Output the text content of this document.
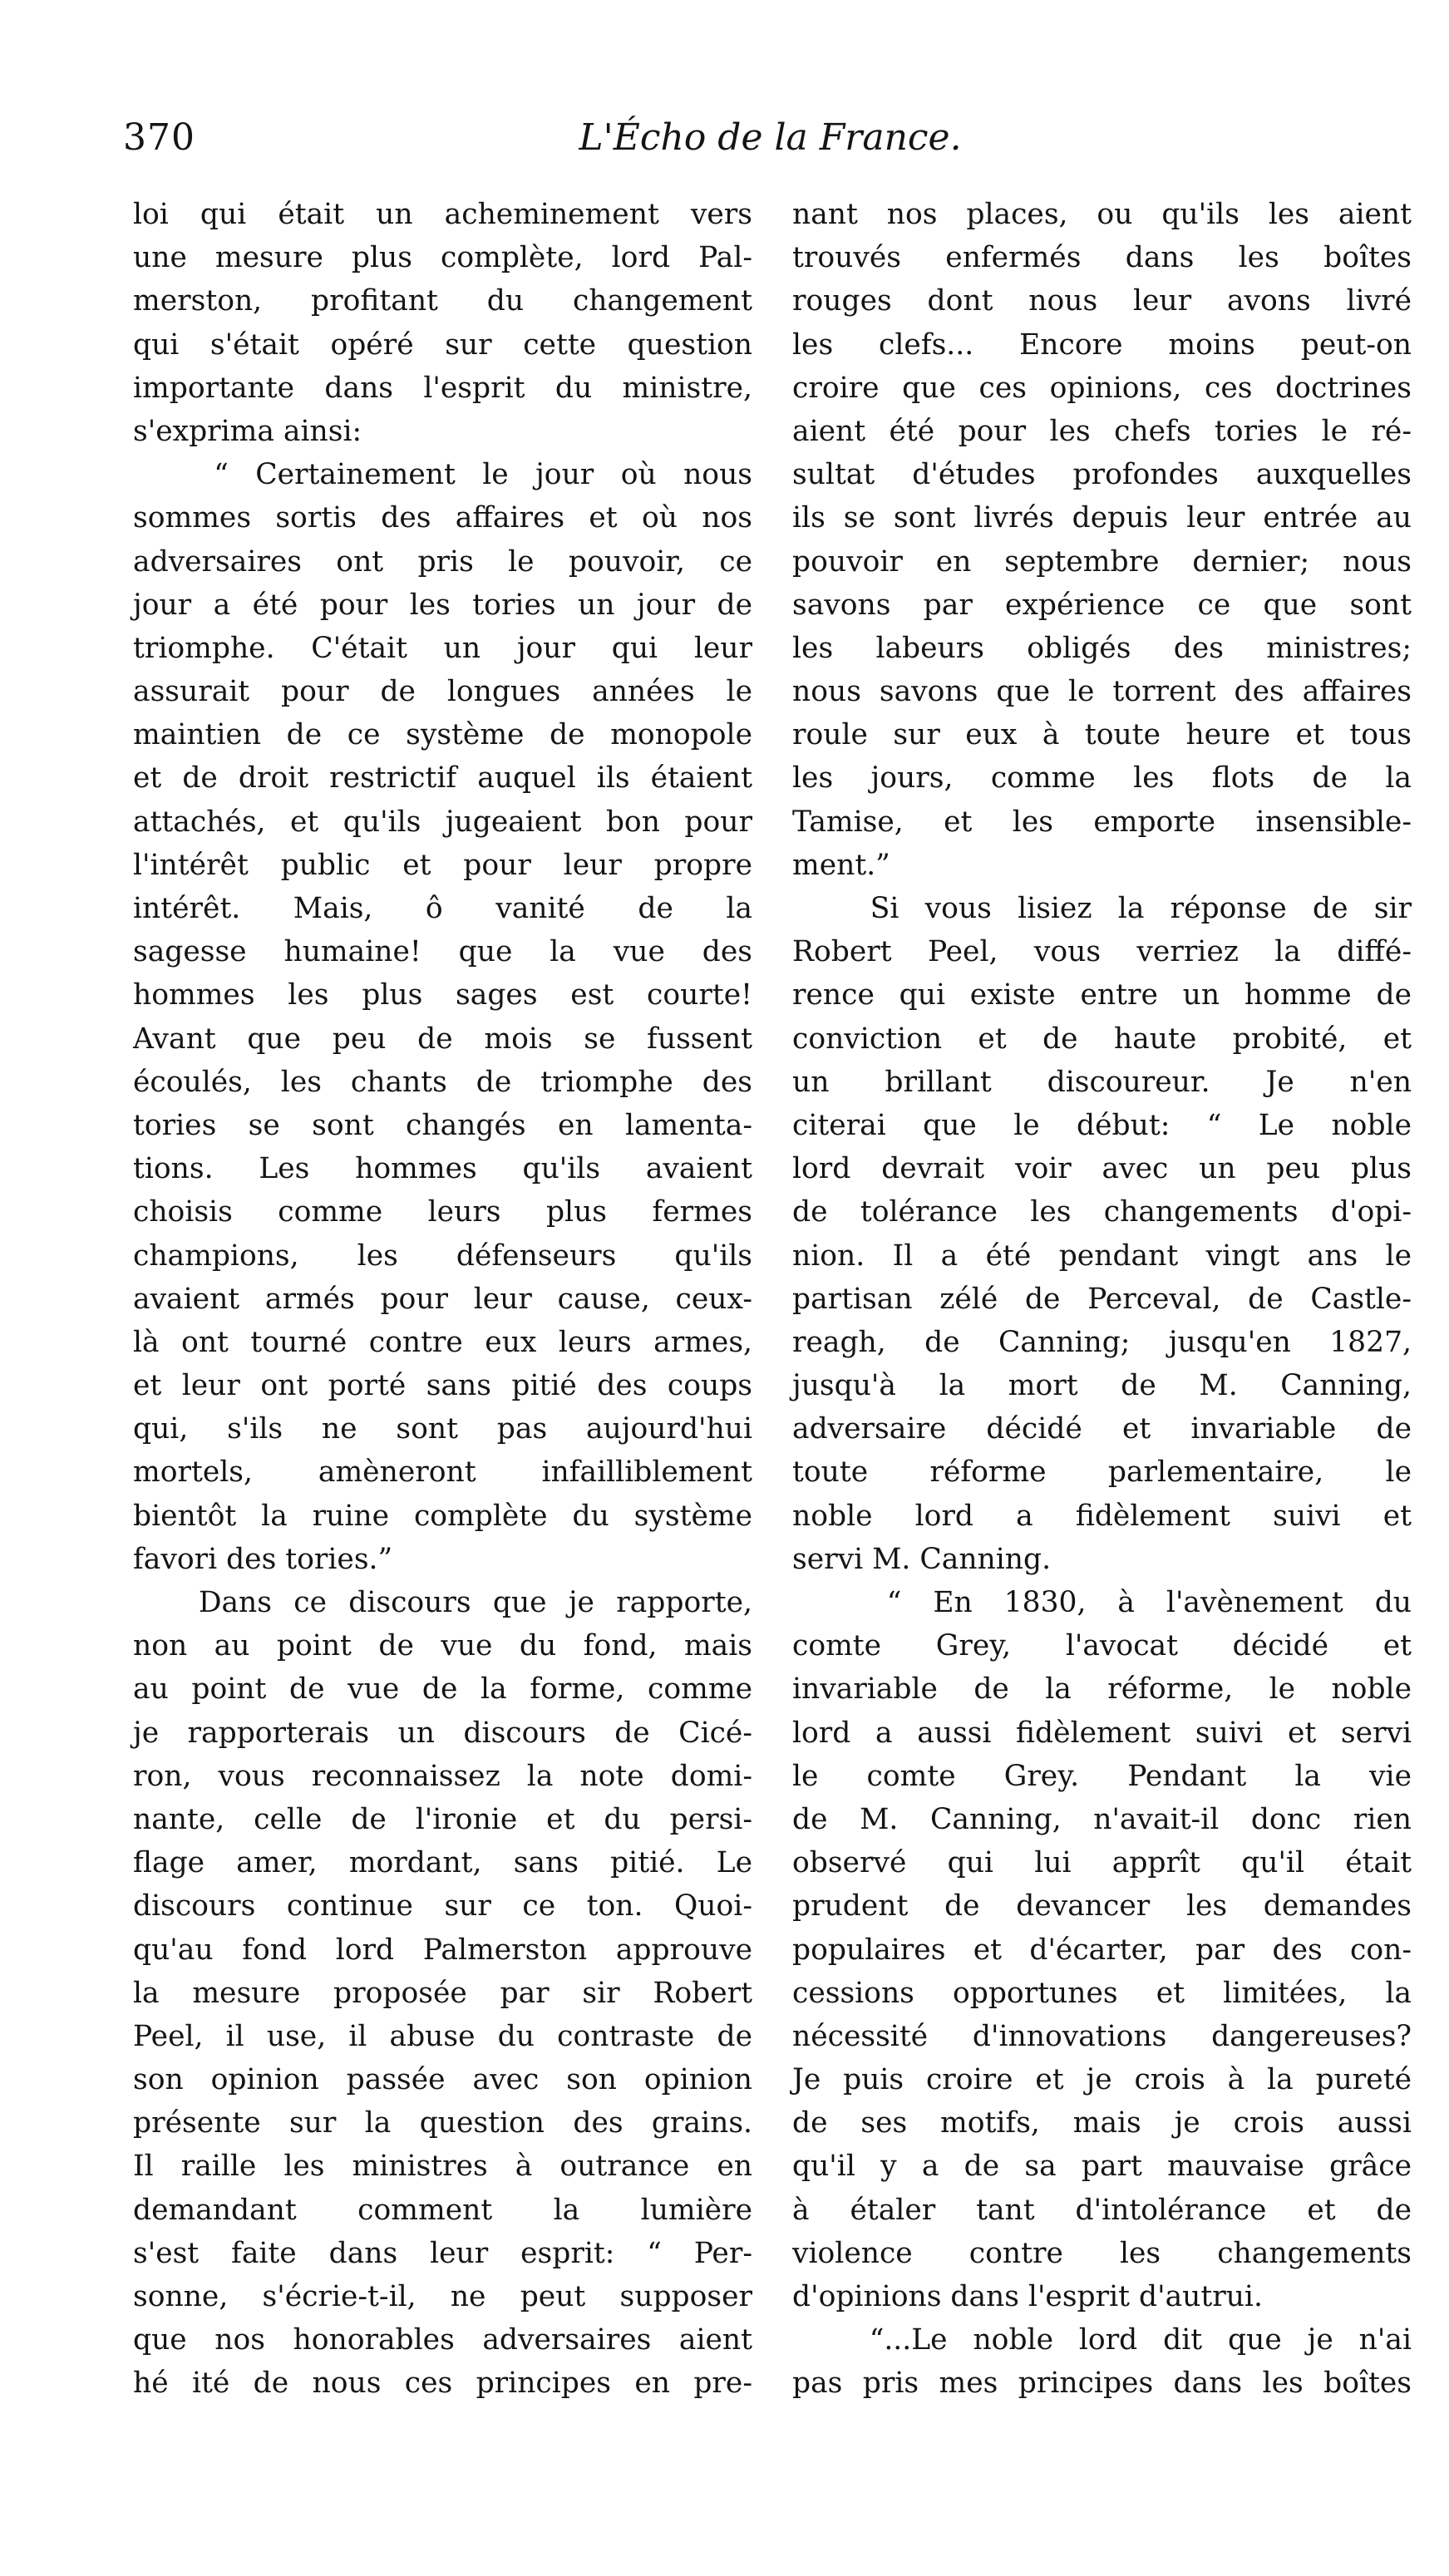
370	L'Écho de la France.
loi qui était un acheminement vers
une mesure plus complète, lord Pal-
merston, profitant du changement
qui s'était opéré sur cette question
importante dans l'esprit du ministre,
s'exprima ainsi:
“ Certainement le jour où nous
sommes sortis des affaires et où nos
adversaires ont pris le pouvoir, ce
jour a été pour les tories un jour de
triomphe. C'était un jour qui leur
assurait pour de longues années le
maintien de ce système de monopole
et de droit restrictif auquel ils étaient
attachés, et qu'ils jugeaient bon pour
l'intérêt public et pour leur propre
intérêt. Mais, ô vanité de la
sagesse humaine! que la vue des
hommes les plus sages est courte!
Avant que peu de mois se fussent
écoulés, les chants de triomphe des
tories se sont changés en lamenta-
tions. Les hommes qu'ils avaient
choisis comme leurs plus fermes
champions, les défenseurs qu'ils
avaient armés pour leur cause, ceux-
là ont tourné contre eux leurs armes,
et leur ont porté sans pitié des coups
qui, s'ils ne sont pas aujourd'hui
mortels, amèneront infailliblement
bientôt la ruine complète du système
favori des tories.”
Dans ce discours que je rapporte,
non au point de vue du fond, mais
au point de vue de la forme, comme
je rapporterais un discours de Cicé-
ron, vous reconnaissez la note domi-
nante, celle de l'ironie et du persi-
flage amer, mordant, sans pitié. Le
discours continue sur ce ton. Quoi-
qu'au fond lord Palmerston approuve
la mesure proposée par sir Robert
Peel, il use, il abuse du contraste de
son opinion passée avec son opinion
présente sur la question des grains.
Il raille les ministres à outrance en
demandant comment la lumière
s'est faite dans leur esprit: “ Per-
sonne, s'écrie-t-il, ne peut supposer
que nos honorables adversaires aient
hé ité de nous ces principes en pre-
nant nos places, ou qu'ils les aient
trouvés enfermés dans les boîtes
rouges dont nous leur avons livré
les clefs... Encore moins peut-on
croire que ces opinions, ces doctrines
aient été pour les chefs tories le ré-
sultat d'études profondes auxquelles
ils se sont livrés depuis leur entrée au
pouvoir en septembre dernier; nous
savons par expérience ce que sont
les labeurs obligés des ministres;
nous savons que le torrent des affaires
roule sur eux à toute heure et tous
les jours, comme les flots de la
Tamise, et les emporte insensible-
ment.”
Si vous lisiez la réponse de sir
Robert Peel, vous verriez la diffé-
rence qui existe entre un homme de
conviction et de haute probité, et
un brillant discoureur. Je n'en
citerai que le début: “ Le noble
lord devrait voir avec un peu plus
de tolérance les changements d'opi-
nion. Il a été pendant vingt ans le
partisan zélé de Perceval, de Castle-
reagh, de Canning; jusqu'en 1827,
jusqu'à la mort de M. Canning,
adversaire décidé et invariable de
toute réforme parlementaire, le
noble lord a fidèlement suivi et
servi M. Canning.
“ En 1830, à l'avènement du
comte Grey, l'avocat décidé et
invariable de la réforme, le noble
lord a aussi fidèlement suivi et servi
le comte Grey. Pendant la vie
de M. Canning, n'avait-il donc rien
observé qui lui apprît qu'il était
prudent de devancer les demandes
populaires et d'écarter, par des con-
cessions opportunes et limitées, la
nécessité d'innovations dangereuses?
Je puis croire et je crois à la pureté
de ses motifs, mais je crois aussi
qu'il y a de sa part mauvaise grâce
à étaler tant d'intolérance et de
violence contre les changements
d'opinions dans l'esprit d'autrui.
“...Le noble lord dit que je n'ai
pas pris mes principes dans les boîtes
